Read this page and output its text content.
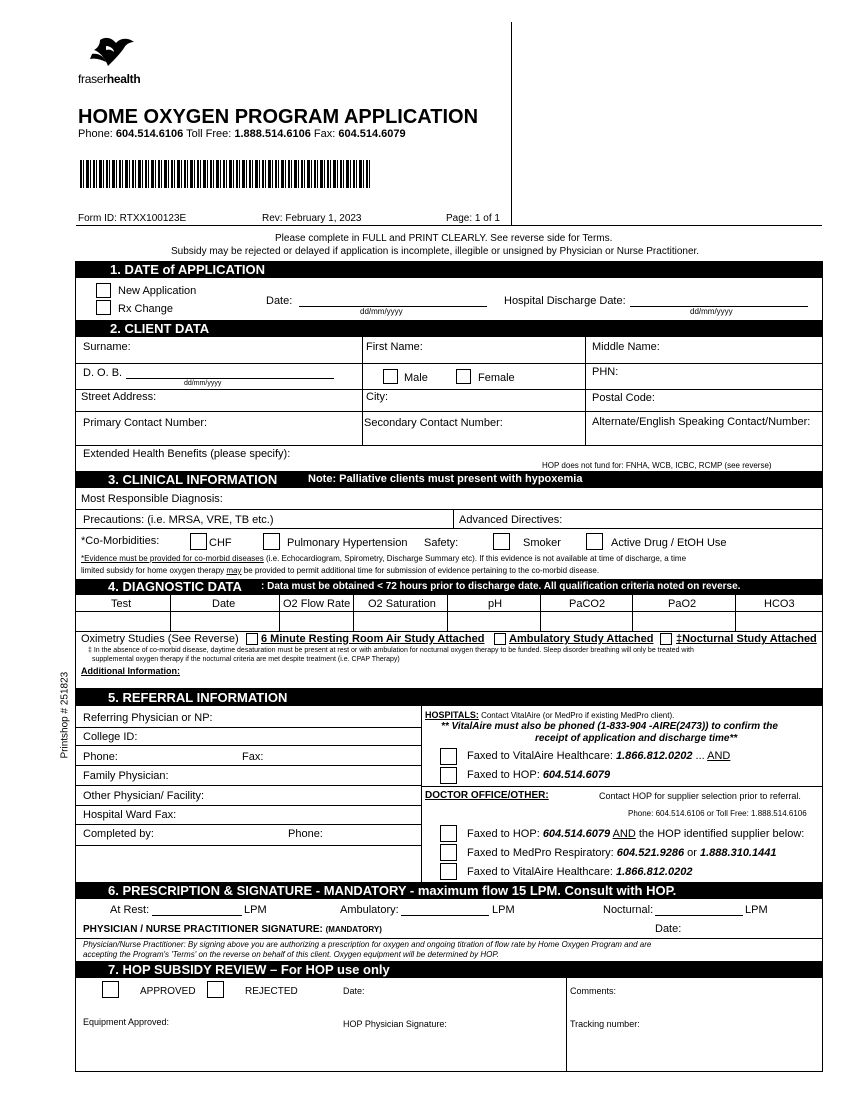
fraserhealth
HOME OXYGEN PROGRAM APPLICATION
Phone: 604.514.6106 Toll Free: 1.888.514.6106 Fax: 604.514.6079
Form ID: RTXX100123E	Rev: February 1, 2023	Page: 1 of 1
Please complete in FULL and PRINT CLEARLY. See reverse side for Terms.
Subsidy may be rejected or delayed if application is incomplete, illegible or unsigned by Physician or Nurse Practitioner.
Printshop # 251823
1. DATE of APPLICATION
New Application
Rx Change
Date:
dd/mm/yyyy
Hospital Discharge Date:
dd/mm/yyyy
2. CLIENT DATA
Surname:	First Name:	Middle Name:
D. O. B.
dd/mm/yyyy	Male	Female	PHN:
Street Address:	City:	Postal Code:
Primary Contact Number:	Secondary Contact Number:	Alternate/English Speaking Contact/Number:
Extended Health Benefits (please specify):
HOP does not fund for: FNHA, WCB, ICBC, RCMP (see reverse)
3. CLINICAL INFORMATION	Note: Palliative clients must present with hypoxemia
Most Responsible Diagnosis:
Precautions: (i.e. MRSA, VRE, TB etc.)	Advanced Directives:
*Co-Morbidities:	CHF	Pulmonary Hypertension Safety:	Smoker	Active Drug / EtOH Use
*Evidence must be provided for co-morbid diseases (i.e. Echocardiogram, Spirometry, Discharge Summary etc). If this evidence is not available at time of discharge, a time
limited subsidy for home oxygen therapy may be provided to permit additional time for submission of evidence pertaining to the co-morbid disease.
4. DIAGNOSTIC DATA : Data must be obtained < 72 hours prior to discharge date. All qualification criteria noted on reverse.
Test	Date	O2 Flow Rate O2 Saturation	pH	PaCO2	PaO2	HCO3
Oximetry Studies (See Reverse) 6 Minute Resting Room Air Study Attached Ambulatory Study Attached ‡Nocturnal Study Attached
‡ In the absence of co-morbid disease, daytime desaturation must be present at rest or with ambulation for nocturnal oxygen therapy to be funded. Sleep disorder breathing will only be treated with
supplemental oxygen therapy if the nocturnal criteria are met despite treatment (i.e. CPAP Therapy)
Additional Information:
5. REFERRAL INFORMATION
Referring Physician or NP:
College ID:
Phone:	Fax:
Family Physician:
Other Physician/ Facility:
Hospital Ward Fax:
Completed by:	Phone:
HOSPITALS: Contact VitalAire (or MedPro if existing MedPro client).
** VitalAire must also be phoned (1-833-904 -AIRE(2473)) to confirm the
receipt of application and discharge time**
Faxed to VitalAire Healthcare: 1.866.812.0202 ... AND
Faxed to HOP: 604.514.6079
DOCTOR OFFICE/OTHER:	Contact HOP for supplier selection prior to referral.
Phone: 604.514.6106 or Toll Free: 1.888.514.6106
Faxed to HOP: 604.514.6079 AND the HOP identified supplier below:
Faxed to MedPro Respiratory: 604.521.9286 or 1.888.310.1441
Faxed to VitalAire Healthcare: 1.866.812.0202
6. PRESCRIPTION & SIGNATURE - MANDATORY - maximum flow 15 LPM. Consult with HOP.
At Rest:	LPM	Ambulatory:	LPM	Nocturnal:	LPM
PHYSICIAN / NURSE PRACTITIONER SIGNATURE: (MANDATORY)	Date:
Physician/Nurse Practitioner: By signing above you are authorizing a prescription for oxygen and ongoing titration of flow rate by Home Oxygen Program and are
accepting the Program's 'Terms' on the reverse on behalf of this client. Oxygen equipment will be determined by HOP.
7. HOP SUBSIDY REVIEW – For HOP use only
APPROVED	REJECTED	Date:	Comments:
Equipment Approved:	HOP Physician Signature:	Tracking number:
